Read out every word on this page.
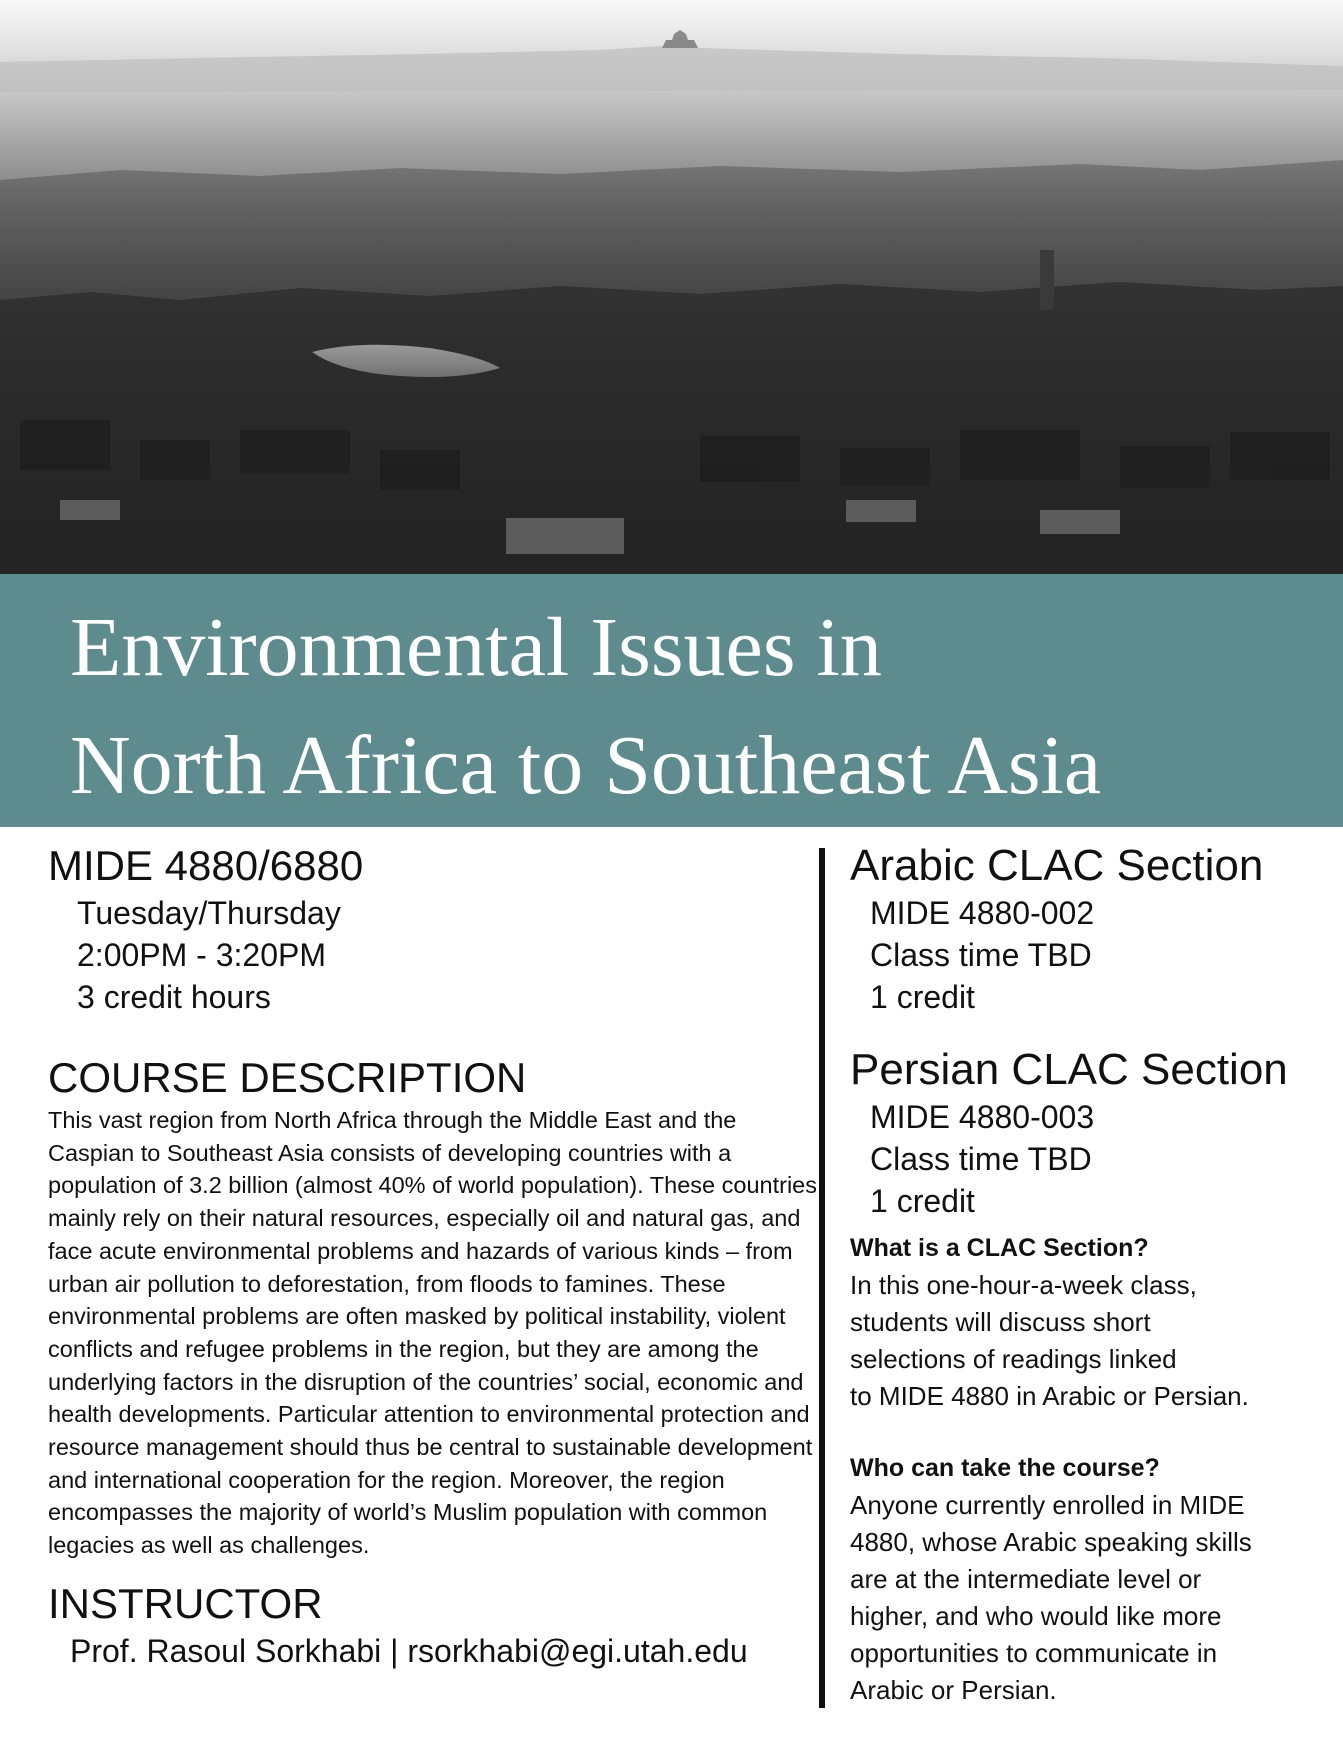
Environmental Issues in
North Africa to Southeast Asia
MIDE 4880/6880
Tuesday/Thursday
2:00PM - 3:20PM
3 credit hours
COURSE DESCRIPTION
This vast region from North Africa through the Middle East and the Caspian to Southeast Asia consists of developing countries with a population of 3.2 billion (almost 40% of world population). These countries mainly rely on their natural resources, especially oil and natural gas, and face acute environmental problems and hazards of various kinds – from urban air pollution to deforestation, from floods to famines. These environmental problems are often masked by political instability, violent conflicts and refugee problems in the region, but they are among the underlying factors in the disruption of the countries’ social, economic and health developments. Particular attention to environmental protection and resource management should thus be central to sustainable development and international cooperation for the region. Moreover, the region encompasses the majority of world’s Muslim population with common legacies as well as challenges.
INSTRUCTOR
Prof. Rasoul Sorkhabi | rsorkhabi@egi.utah.edu
Arabic CLAC Section
MIDE 4880-002
Class time TBD
1 credit
Persian CLAC Section
MIDE 4880-003
Class time TBD
1 credit
What is a CLAC Section?
In this one-hour-a-week class,
students will discuss short
selections of readings linked
to MIDE 4880 in Arabic or Persian.
Who can take the course?
Anyone currently enrolled in MIDE
4880, whose Arabic speaking skills
are at the intermediate level or
higher, and who would like more
opportunities to communicate in
Arabic or Persian.
